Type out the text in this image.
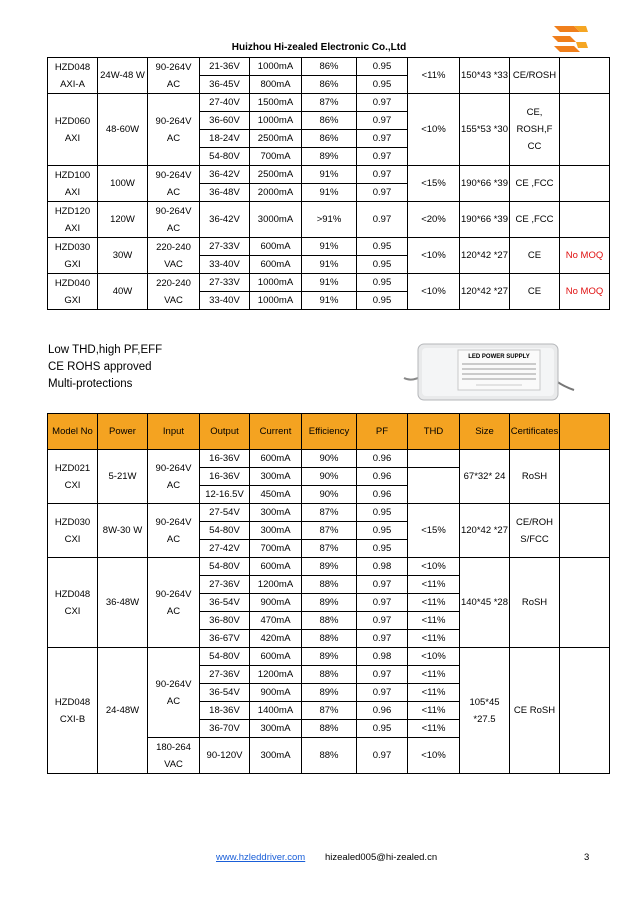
Huizhou Hi-zealed Electronic Co.,Ltd
HZD048 AXI-A	24W-48 W	90-264V AC	21-36V	1000mA	86%	0.95	<11%	150*43 *33	CE/ROSH	
			36-45V	800mA	86%	0.95				
HZD060 AXI	48-60W	90-264V AC	27-40V	1500mA	87%	0.97	<10%	155*53 *30	CE, ROSH,F CC	
			36-60V	1000mA	86%	0.97				
			18-24V	2500mA	86%	0.97				
			54-80V	700mA	89%	0.97				
HZD100 AXI	100W	90-264V AC	36-42V	2500mA	91%	0.97	<15%	190*66 *39	CE ,FCC	
			36-48V	2000mA	91%	0.97				
HZD120 AXI	120W	90-264V AC	36-42V	3000mA	>91%	0.97	<20%	190*66 *39	CE ,FCC	
HZD030 GXI	30W	220-240 VAC	27-33V	600mA	91%	0.95	<10%	120*42 *27	CE	No MOQ
			33-40V	600mA	91%	0.95				
HZD040 GXI	40W	220-240 VAC	27-33V	1000mA	91%	0.95	<10%	120*42 *27	CE	No MOQ
			33-40V	1000mA	91%	0.95				
Low THD,high PF,EFF
CE ROHS approved
Multi-protections
LED POWER SUPPLY
Model No	Power	Input	Output	Current	Efficiency	PF	THD	Size	Certificates	
HZD021 CXI	5-21W	90-264V AC	16-36V	600mA	90%	0.96		67*32* 24	RoSH	
			16-36V	300mA	90%	0.96				
			12-16.5V	450mA	90%	0.96				
HZD030 CXI	8W-30 W	90-264V AC	27-54V	300mA	87%	0.95	<15%	120*42 *27	CE/ROH S/FCC	
			54-80V	300mA	87%	0.95				
			27-42V	700mA	87%	0.95				
HZD048 CXI	36-48W	90-264V AC	54-80V	600mA	89%	0.98	<10%	140*45 *28	RoSH	
			27-36V	1200mA	88%	0.97	<11%			
			36-54V	900mA	89%	0.97	<11%			
			36-80V	470mA	88%	0.97	<11%			
			36-67V	420mA	88%	0.97	<11%			
HZD048 CXI-B	24-48W	90-264V AC	54-80V	600mA	89%	0.98	<10%	105*45 *27.5	CE RoSH	
			27-36V	1200mA	88%	0.97	<11%			
			36-54V	900mA	89%	0.97	<11%			
			18-36V	1400mA	87%	0.96	<11%			
			36-70V	300mA	88%	0.95	<11%			
		180-264 VAC	90-120V	300mA	88%	0.97	<10%			
www.hzleddriver.com hizealed005@hi-zealed.cn	3
